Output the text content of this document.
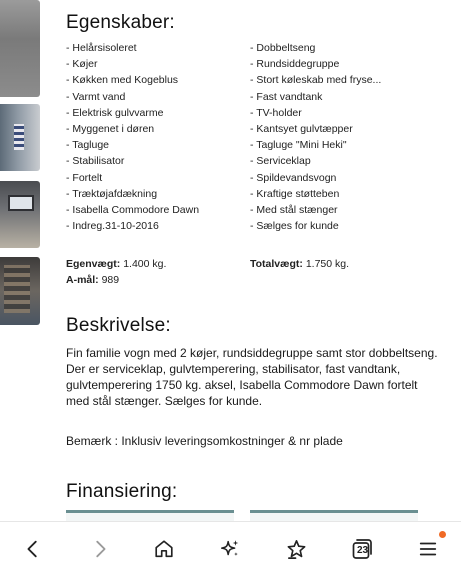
Egenskaber:
- Helårsisoleret
- Køjer
- Køkken med Kogeblus
- Varmt vand
- Elektrisk gulvvarme
- Myggenet i døren
- Tagluge
- Stabilisator
- Fortelt
- Træktøjafdækning
- Isabella Commodore Dawn
- Indreg.31-10-2016
- Dobbeltseng
- Rundsiddegruppe
- Stort køleskab med fryse...
- Fast vandtank
- TV-holder
- Kantsyet gulvtæpper
- Tagluge "Mini Heki"
- Serviceklap
- Spildevandsvogn
- Kraftige støtteben
- Med stål stænger
- Sælges for kunde
Egenvægt: 1.400 kg.	Totalvægt: 1.750 kg.
A-mål: 989
Beskrivelse:

Fin familie vogn med 2 køjer, rundsiddegruppe samt stor dobbeltseng. Der er serviceklap, gulvtemperering, stabilisator, fast vandtank, gulvtemperering 1750 kg. aksel, Isabella Commodore Dawn fortelt med stål stænger. Sælges for kunde.

Bemærk : Inklusiv leveringsomkostninger & nr plade

Finansiering:
23
